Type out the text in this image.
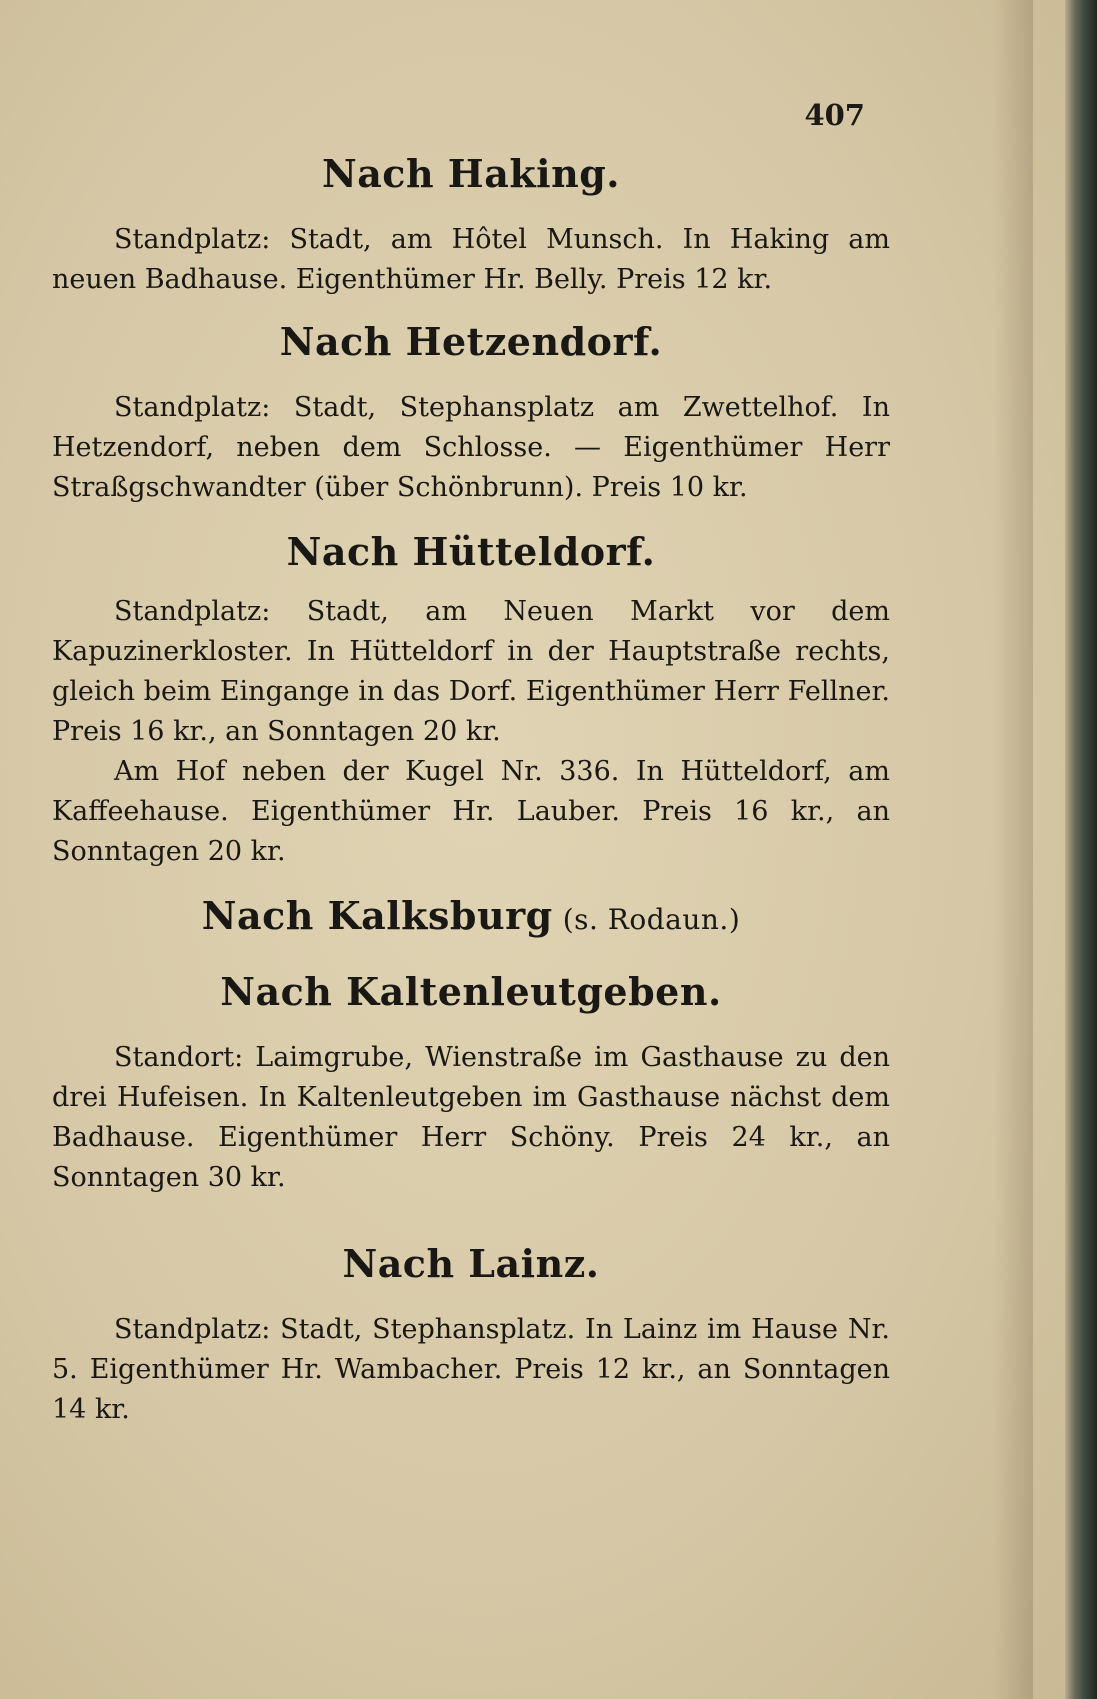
407
Nach Haking.

Standplatz: Stadt, am Hôtel Munsch. In Haking am neuen Badhause. Eigenthümer Hr. Belly. Preis 12 kr.

Nach Hetzendorf.

Standplatz: Stadt, Stephansplatz am Zwettelhof. In Hetzendorf, neben dem Schlosse. — Eigenthümer Herr Straßgschwandter (über Schönbrunn). Preis 10 kr.

Nach Hütteldorf.

Standplatz: Stadt, am Neuen Markt vor dem Kapuzinerkloster. In Hütteldorf in der Hauptstraße rechts, gleich beim Eingange in das Dorf. Eigenthümer Herr Fellner. Preis 16 kr., an Sonntagen 20 kr.

Am Hof neben der Kugel Nr. 336. In Hütteldorf, am Kaffeehause. Eigenthümer Hr. Lauber. Preis 16 kr., an Sonntagen 20 kr.

Nach Kalksburg (s. Rodaun.)
Nach Kaltenleutgeben.

Standort: Laimgrube, Wienstraße im Gasthause zu den drei Hufeisen. In Kaltenleutgeben im Gasthause nächst dem Badhause. Eigenthümer Herr Schöny. Preis 24 kr., an Sonntagen 30 kr.

Nach Lainz.

Standplatz: Stadt, Stephansplatz. In Lainz im Hause Nr. 5. Eigenthümer Hr. Wambacher. Preis 12 kr., an Sonntagen 14 kr.
